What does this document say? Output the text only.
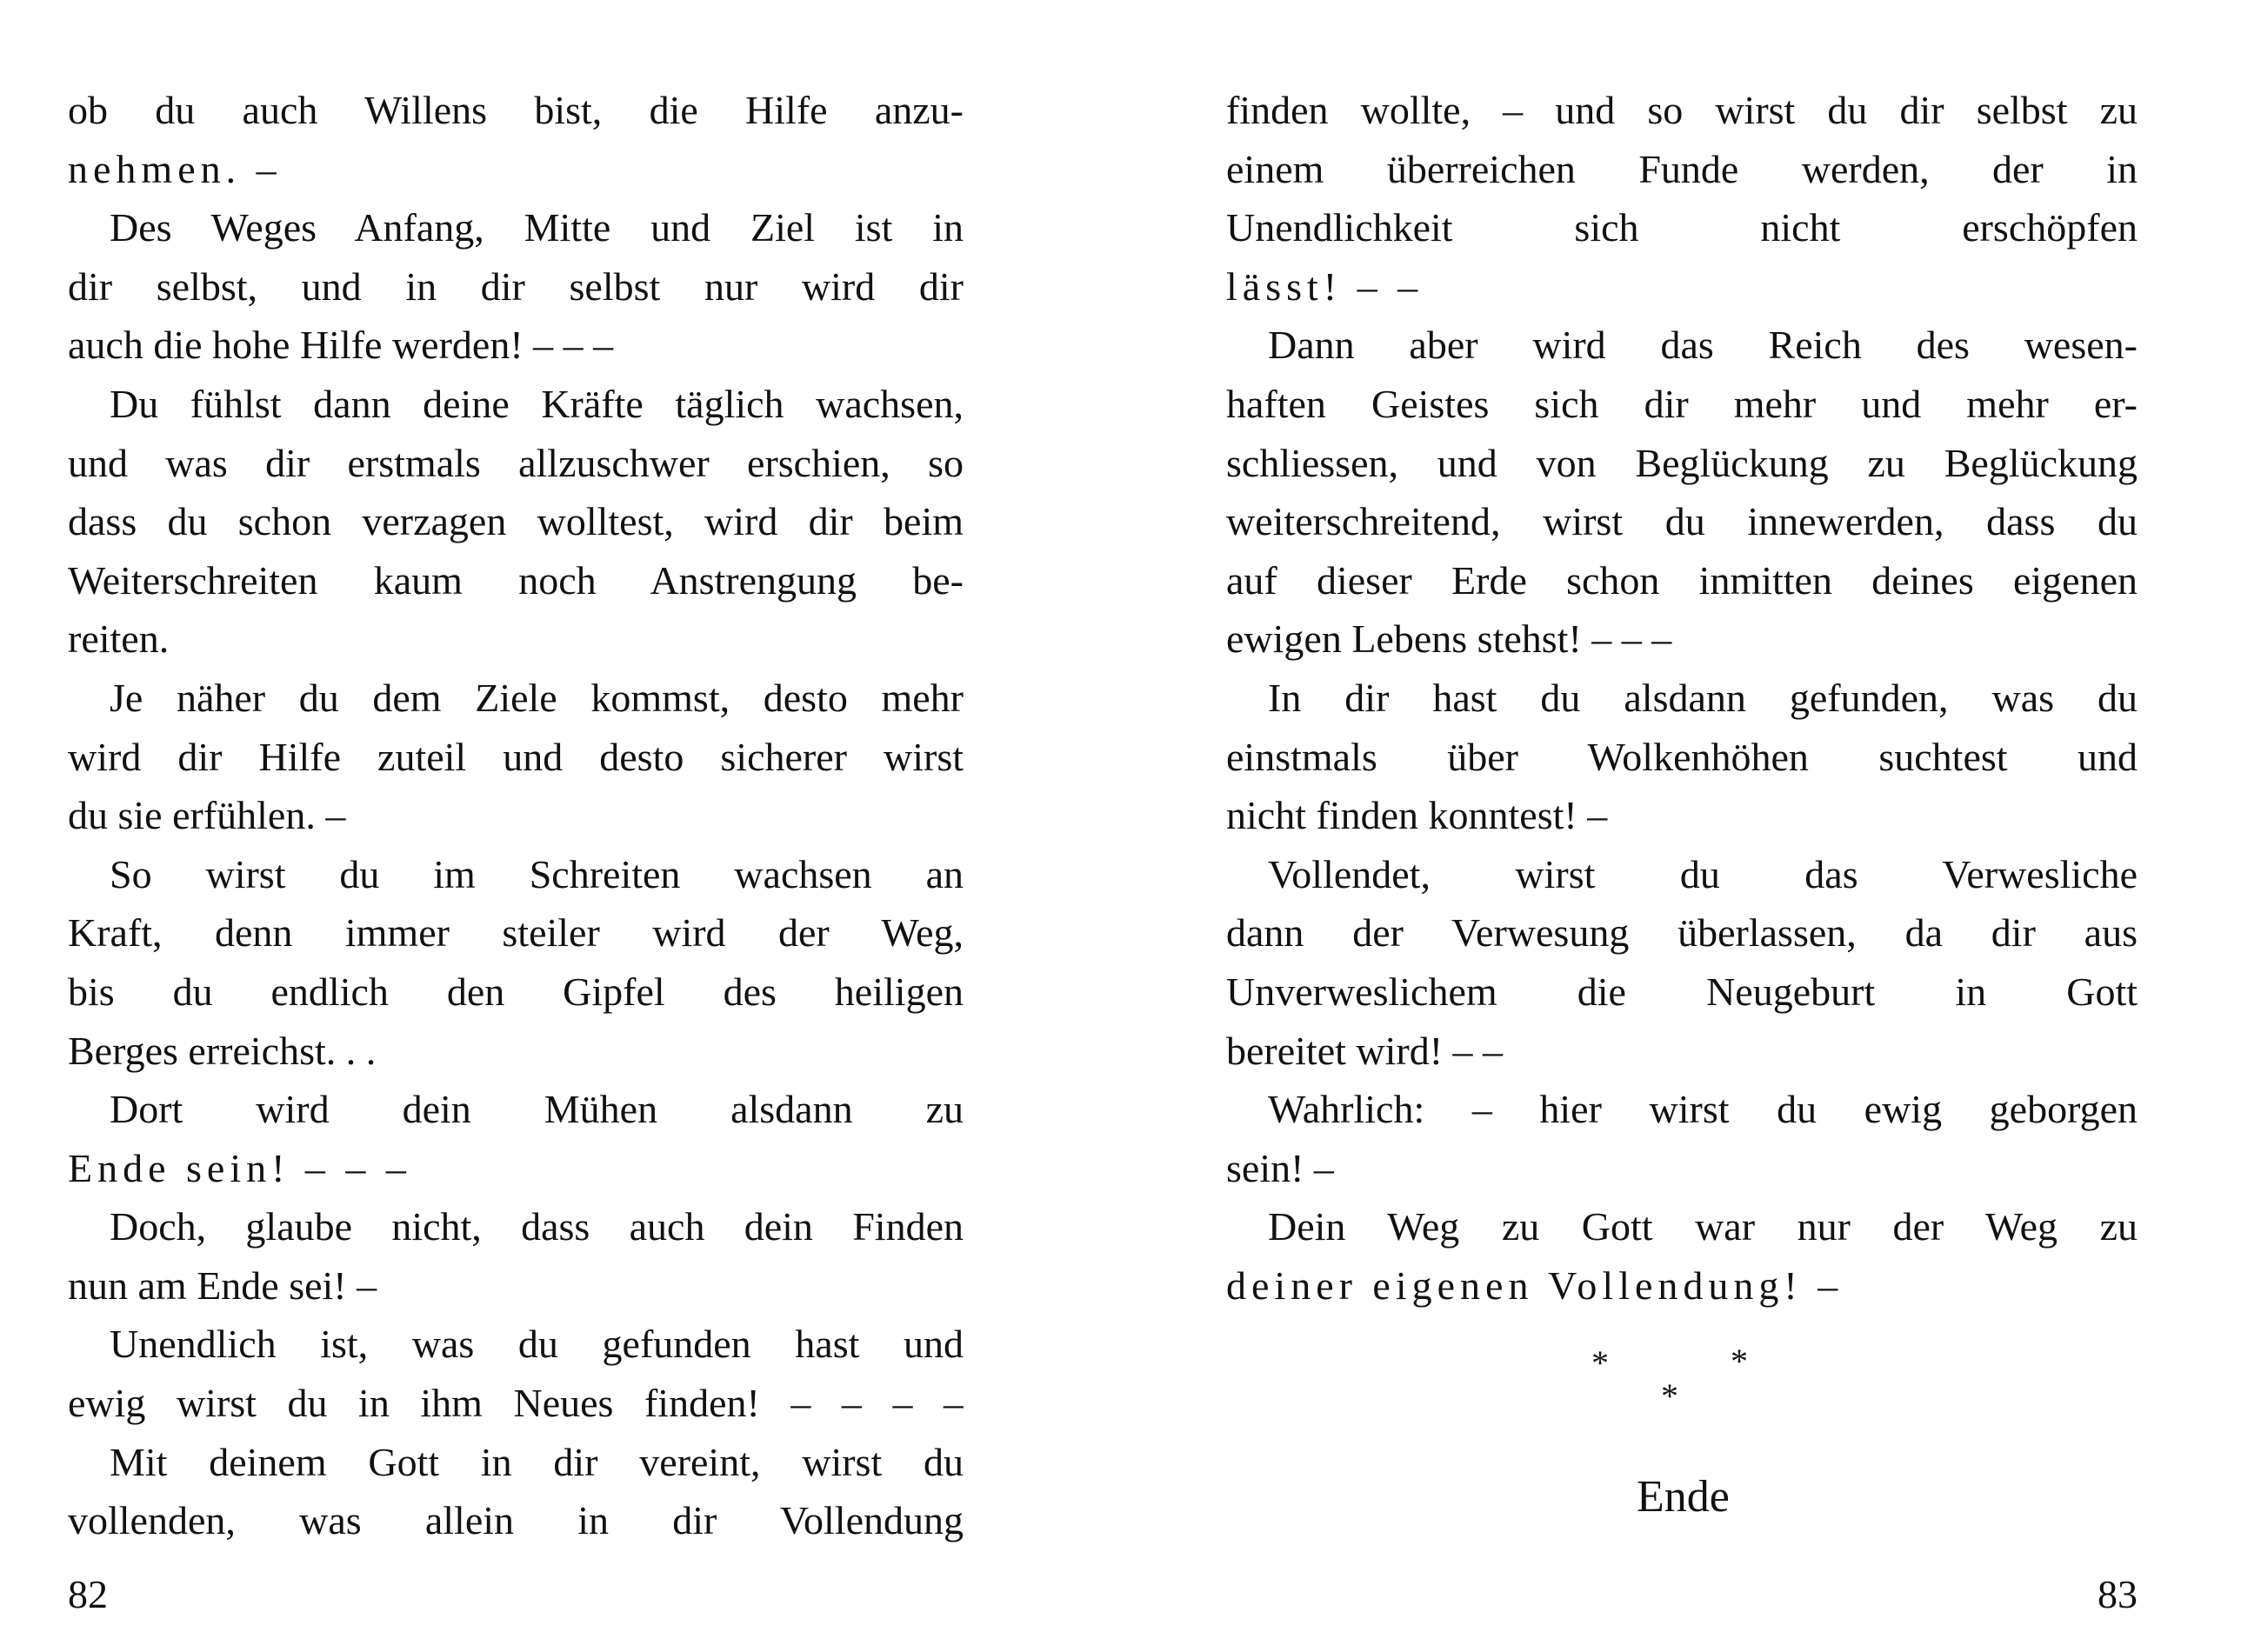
ob du auch Willens bist, die Hilfe anzu-
nehmen. –
Des Weges Anfang, Mitte und Ziel ist in
dir selbst, und in dir selbst nur wird dir
auch die hohe Hilfe werden! – – –
Du fühlst dann deine Kräfte täglich wachsen,
und was dir erstmals allzuschwer erschien, so
dass du schon verzagen wolltest, wird dir beim
Weiterschreiten kaum noch Anstrengung be-
reiten.
Je näher du dem Ziele kommst, desto mehr
wird dir Hilfe zuteil und desto sicherer wirst
du sie erfühlen. –
So wirst du im Schreiten wachsen an
Kraft, denn immer steiler wird der Weg,
bis du endlich den Gipfel des heiligen
Berges erreichst. . .
Dort wird dein Mühen alsdann zu
Ende sein! – – –
Doch, glaube nicht, dass auch dein Finden
nun am Ende sei! –
Unendlich ist, was du gefunden hast und
ewig wirst du in ihm Neues finden! – – – –
Mit deinem Gott in dir vereint, wirst du
vollenden, was allein in dir Vollendung
82
finden wollte, – und so wirst du dir selbst zu
einem überreichen Funde werden, der in
Unendlichkeit sich nicht erschöpfen
lässt! – –
Dann aber wird das Reich des wesen-
haften Geistes sich dir mehr und mehr er-
schliessen, und von Beglückung zu Beglückung
weiterschreitend, wirst du innewerden, dass du
auf dieser Erde schon inmitten deines eigenen
ewigen Lebens stehst! – – –
In dir hast du alsdann gefunden, was du
einstmals über Wolkenhöhen suchtest und
nicht finden konntest! –
Vollendet, wirst du das Verwesliche
dann der Verwesung überlassen, da dir aus
Unverweslichem die Neugeburt in Gott
bereitet wird! – –
Wahrlich: – hier wirst du ewig geborgen
sein! –
Dein Weg zu Gott war nur der Weg zu
deiner eigenen Vollendung! –
*	*
*
Ende
83
